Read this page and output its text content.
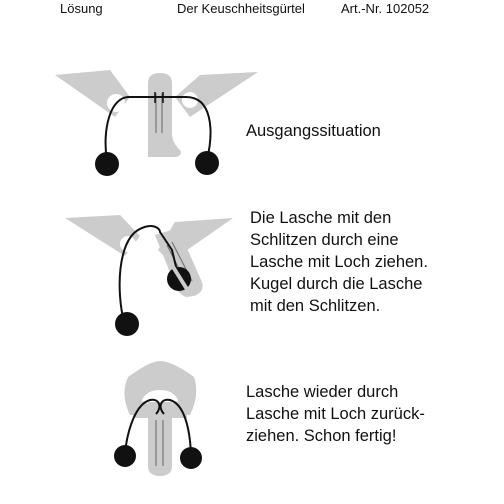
Lösung	Der Keuschheitsgürtel	Art.-Nr. 102052
Ausgangssituation
Die Lasche mit den
Schlitzen durch eine
Lasche mit Loch ziehen.
Kugel durch die Lasche
mit den Schlitzen.
Lasche wieder durch
Lasche mit Loch zurück-
ziehen. Schon fertig!
